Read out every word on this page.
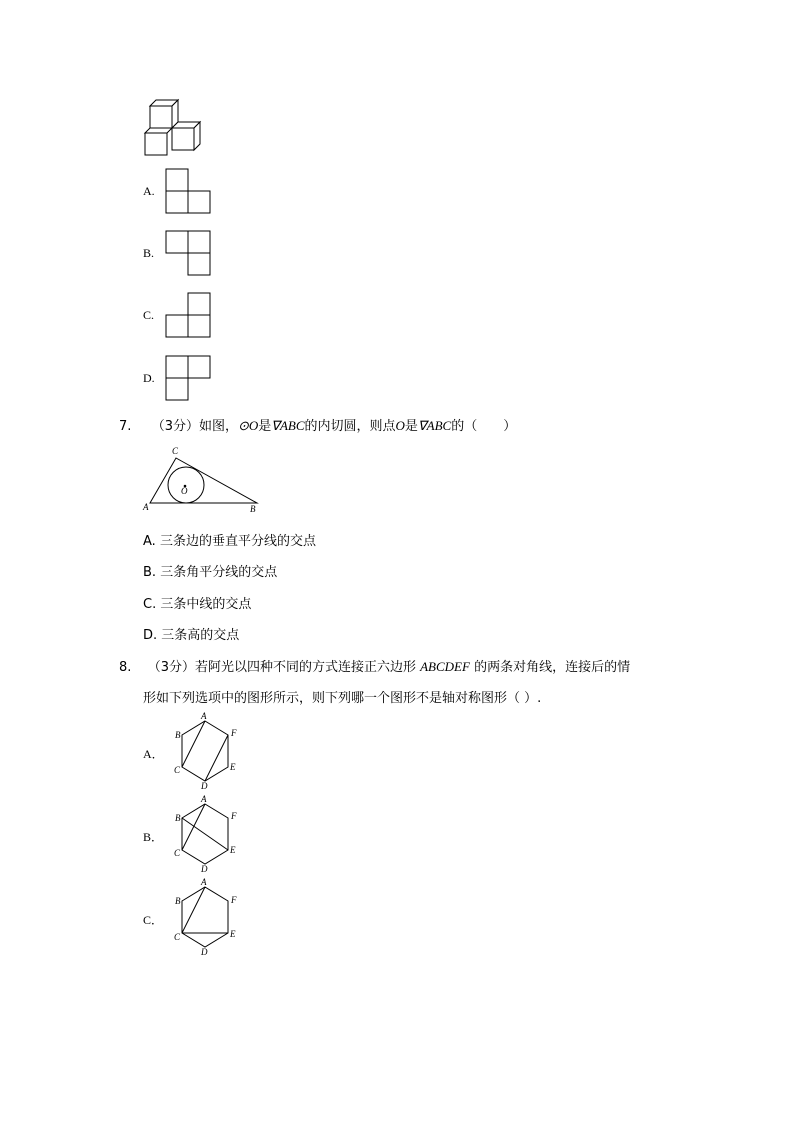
A.
B.
C.
D.
7. （3分）如图，⊙O是∇ABC的内切圆，则点O是∇ABC的（　　）
C
A	B
O
A. 三条边的垂直平分线的交点
B. 三条角平分线的交点
C. 三条中线的交点
D. 三条高的交点
8. （3分）若阿光以四种不同的方式连接正六边形 ABCDEF 的两条对角线，连接后的情
形如下列选项中的图形所示，则下列哪一个图形不是轴对称图形（ ）.
A．
A
B
C
D
E
F
B．
A
B
C
D
E
F
C．
A
B
C
D
E
F
